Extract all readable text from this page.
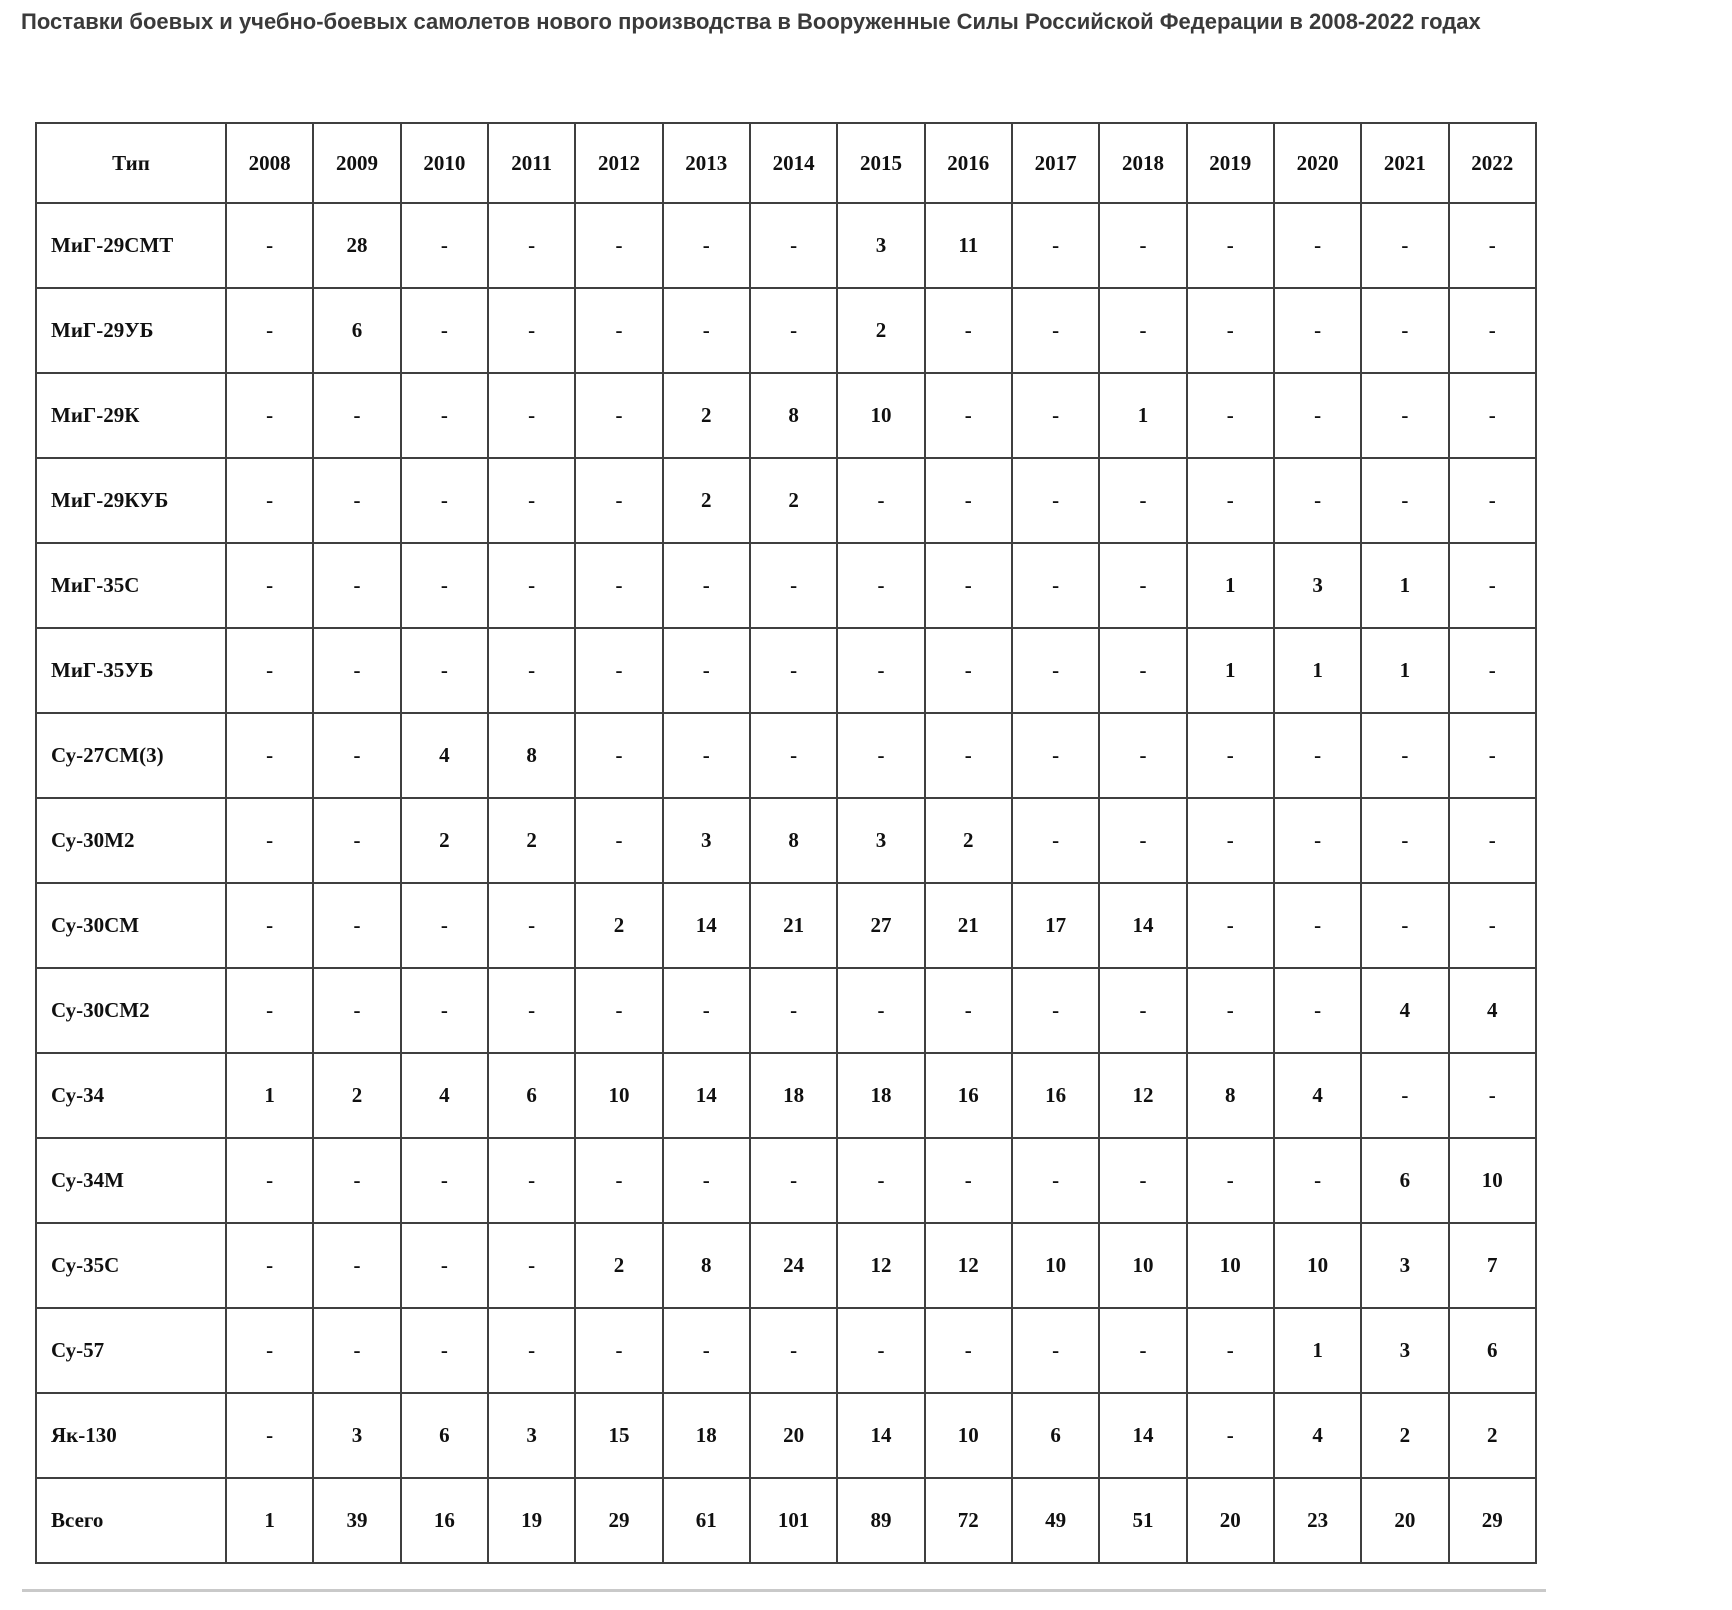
Поставки боевых и учебно-боевых самолетов нового производства в Вооруженные Силы Российской Федерации в 2008-2022 годах
Тип	2008	2009	2010	2011	2012	2013	2014	2015	2016	2017	2018	2019	2020	2021	2022
МиГ-29СМТ	-	28	-	-	-	-	-	3	11	-	-	-	-	-	-
МиГ-29УБ	-	6	-	-	-	-	-	2	-	-	-	-	-	-	-
МиГ-29К	-	-	-	-	-	2	8	10	-	-	1	-	-	-	-
МиГ-29КУБ	-	-	-	-	-	2	2	-	-	-	-	-	-	-	-
МиГ-35С	-	-	-	-	-	-	-	-	-	-	-	1	3	1	-
МиГ-35УБ	-	-	-	-	-	-	-	-	-	-	-	1	1	1	-
Су-27СМ(3)	-	-	4	8	-	-	-	-	-	-	-	-	-	-	-
Су-30М2	-	-	2	2	-	3	8	3	2	-	-	-	-	-	-
Су-30СМ	-	-	-	-	2	14	21	27	21	17	14	-	-	-	-
Су-30СМ2	-	-	-	-	-	-	-	-	-	-	-	-	-	4	4
Су-34	1	2	4	6	10	14	18	18	16	16	12	8	4	-	-
Су-34М	-	-	-	-	-	-	-	-	-	-	-	-	-	6	10
Су-35С	-	-	-	-	2	8	24	12	12	10	10	10	10	3	7
Су-57	-	-	-	-	-	-	-	-	-	-	-	-	1	3	6
Як-130	-	3	6	3	15	18	20	14	10	6	14	-	4	2	2
Всего	1	39	16	19	29	61	101	89	72	49	51	20	23	20	29
